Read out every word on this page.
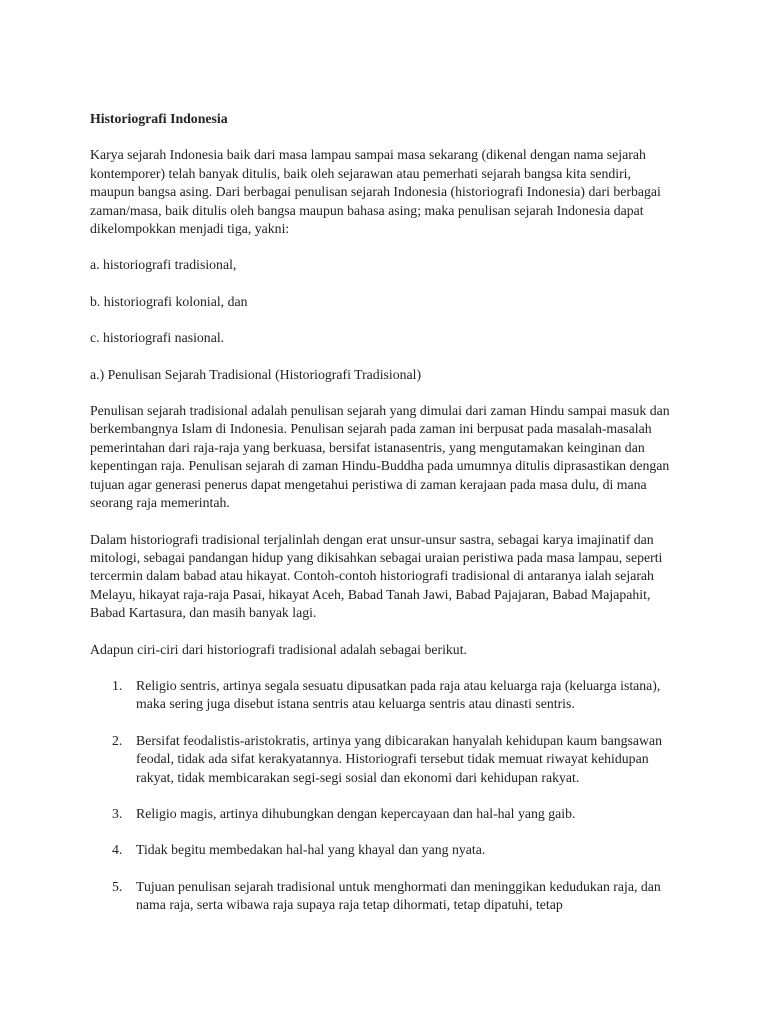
Historiografi Indonesia

Karya sejarah Indonesia baik dari masa lampau sampai masa sekarang (dikenal dengan nama sejarah kontemporer) telah banyak ditulis, baik oleh sejarawan atau pemerhati sejarah bangsa kita sendiri, maupun bangsa asing. Dari berbagai penulisan sejarah Indonesia (historiografi Indonesia) dari berbagai zaman/masa, baik ditulis oleh bangsa maupun bahasa asing; maka penulisan sejarah Indonesia dapat dikelompokkan menjadi tiga, yakni:

a. historiografi tradisional,

b. historiografi kolonial, dan

c. historiografi nasional.

a.) Penulisan Sejarah Tradisional (Historiografi Tradisional)

Penulisan sejarah tradisional adalah penulisan sejarah yang dimulai dari zaman Hindu sampai masuk dan berkembangnya Islam di Indonesia. Penulisan sejarah pada zaman ini berpusat pada masalah-masalah pemerintahan dari raja-raja yang berkuasa, bersifat istanasentris, yang mengutamakan keinginan dan kepentingan raja. Penulisan sejarah di zaman Hindu-Buddha pada umumnya ditulis diprasastikan dengan tujuan agar generasi penerus dapat mengetahui peristiwa di zaman kerajaan pada masa dulu, di mana seorang raja memerintah.

Dalam historiografi tradisional terjalinlah dengan erat unsur-unsur sastra, sebagai karya imajinatif dan mitologi, sebagai pandangan hidup yang dikisahkan sebagai uraian peristiwa pada masa lampau, seperti tercermin dalam babad atau hikayat. Contoh-contoh historiografi tradisional di antaranya ialah sejarah Melayu, hikayat raja-raja Pasai, hikayat Aceh, Babad Tanah Jawi, Babad Pajajaran, Babad Majapahit, Babad Kartasura, dan masih banyak lagi.

Adapun ciri-ciri dari historiografi tradisional adalah sebagai berikut.

1. Religio sentris, artinya segala sesuatu dipusatkan pada raja atau keluarga raja (keluarga istana), maka sering juga disebut istana sentris atau keluarga sentris atau dinasti sentris.
2. Bersifat feodalistis-aristokratis, artinya yang dibicarakan hanyalah kehidupan kaum bangsawan feodal, tidak ada sifat kerakyatannya. Historiografi tersebut tidak memuat riwayat kehidupan rakyat, tidak membicarakan segi-segi sosial dan ekonomi dari kehidupan rakyat.
3. Religio magis, artinya dihubungkan dengan kepercayaan dan hal-hal yang gaib.
4. Tidak begitu membedakan hal-hal yang khayal dan yang nyata.
5. Tujuan penulisan sejarah tradisional untuk menghormati dan meninggikan kedudukan raja, dan nama raja, serta wibawa raja supaya raja tetap dihormati, tetap dipatuhi, tetap
